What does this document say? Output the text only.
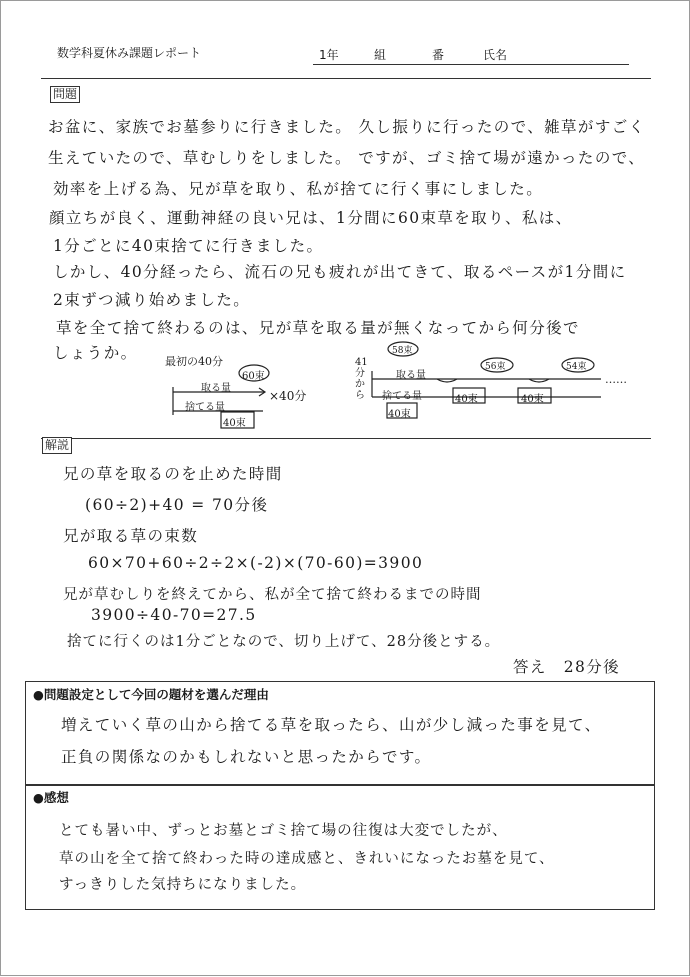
数学科夏休み課題レポート	1年	組	番	氏名
問題
お盆に、家族でお墓参りに行きました。 久し振りに行ったので、雑草がすごく
生えていたので、草むしりをしました。 ですが、ゴミ捨て場が遠かったので、
効率を上げる為、兄が草を取り、私が捨てに行く事にしました。
顔立ちが良く、運動神経の良い兄は、1分間に60束草を取り、私は、
1分ごとに40束捨てに行きました。
しかし、40分経ったら、流石の兄も疲れが出てきて、取るペースが1分間に
2束ずつ減り始めました。
草を全て捨て終わるのは、兄が草を取る量が無くなってから何分後で
しょうか。 最初の40分
60束
取る量
捨てる量
40束
×40分
41分から
58束
56束	54束
取る量
捨てる量
40束
40束	40束
……
解説
兄の草を取るのを止めた時間
(60÷2)+40 = 70分後
兄が取る草の束数
60×70+60÷2÷2×(-2)×(70-60)=3900
兄が草むしりを終えてから、私が全て捨て終わるまでの時間
3900÷40-70=27.5
捨てに行くのは1分ごとなので、切り上げて、28分後とする。
答え　28分後
●問題設定として今回の題材を選んだ理由
増えていく草の山から捨てる草を取ったら、山が少し減った事を見て、
正負の関係なのかもしれないと思ったからです。
●感想
とても暑い中、ずっとお墓とゴミ捨て場の往復は大変でしたが、
草の山を全て捨て終わった時の達成感と、きれいになったお墓を見て、
すっきりした気持ちになりました。
